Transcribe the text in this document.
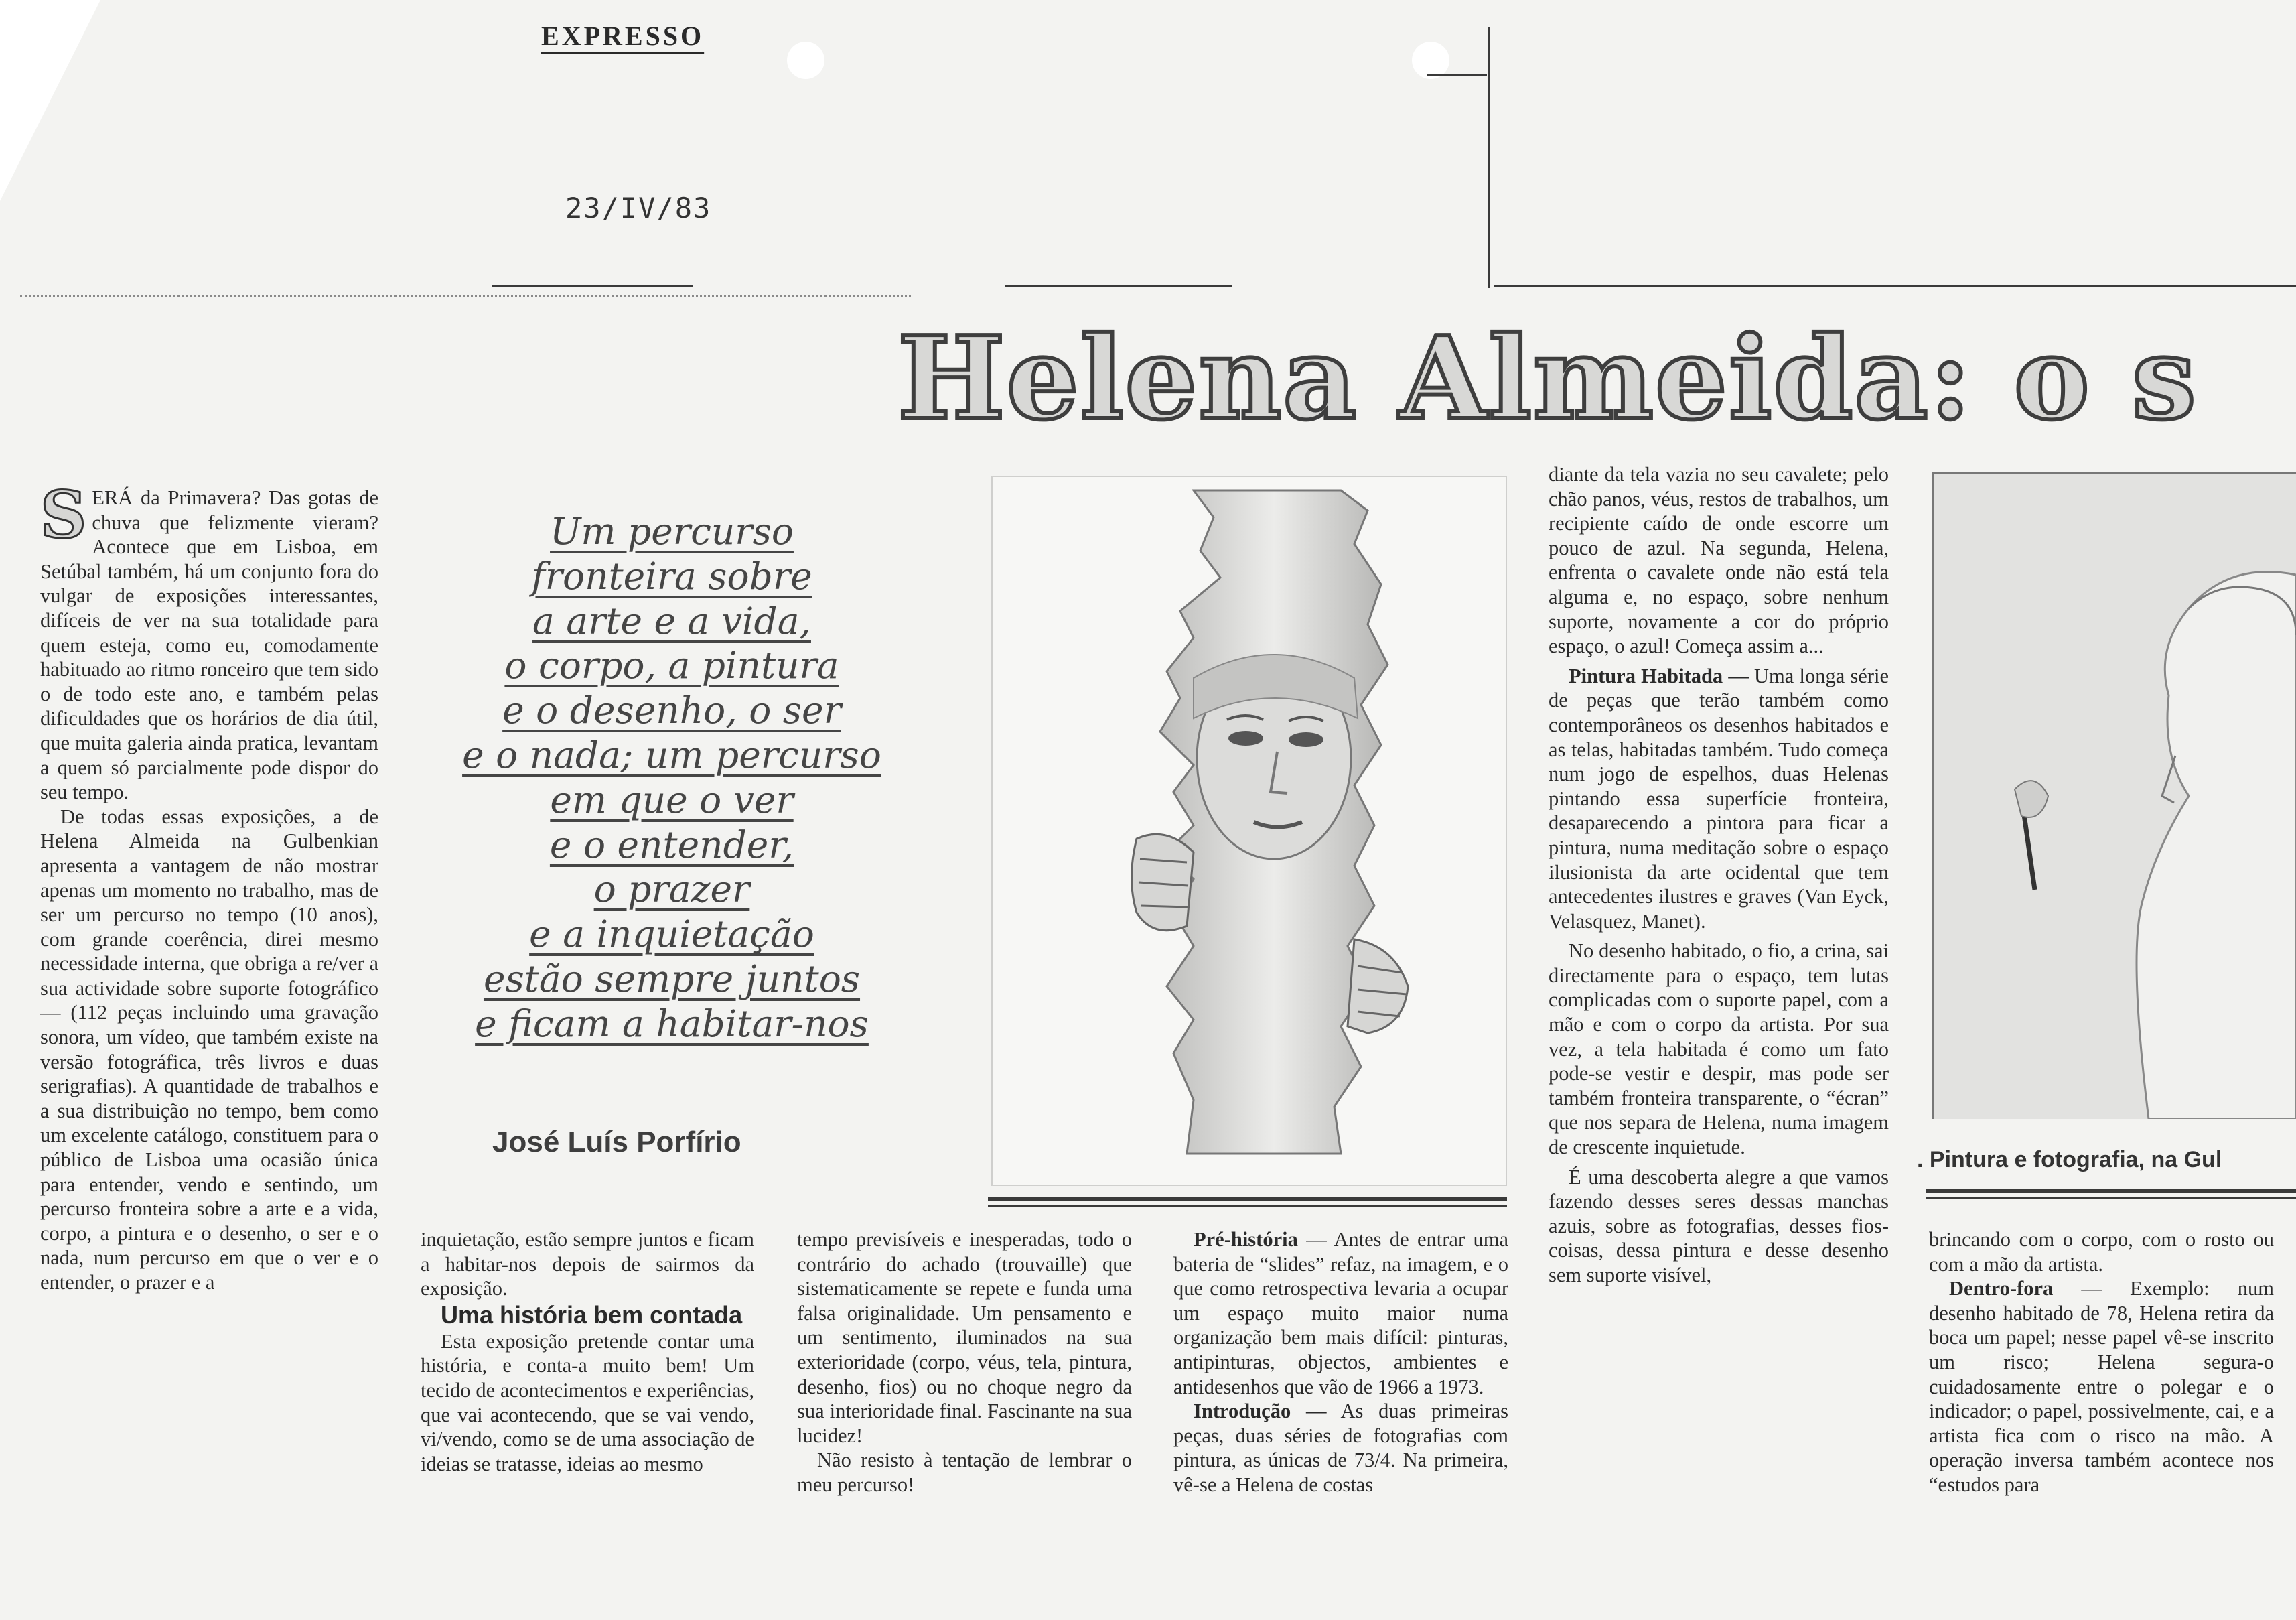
EXPRESSO
23/IV/83
Helena Almeida: o s

SERÁ da Primavera? Das gotas de chuva que felizmente vieram? Acontece que em Lisboa, em Setúbal também, há um conjunto fora do vulgar de exposições interessantes, difíceis de ver na sua totalidade para quem esteja, como eu, comodamente habituado ao ritmo ronceiro que tem sido o de todo este ano, e também pelas dificuldades que os horários de dia útil, que muita galeria ainda pratica, levantam a quem só parcialmente pode dispor do seu tempo.

De todas essas exposições, a de Helena Almeida na Gulbenkian apresenta a vantagem de não mostrar apenas um momento no trabalho, mas de ser um percurso no tempo (10 anos), com grande coerência, direi mesmo necessidade interna, que obriga a re/ver a sua actividade sobre suporte fotográfico — (112 peças incluindo uma gravação sonora, um vídeo, que também existe na versão fotográfica, três livros e duas serigrafias). A quantidade de trabalhos e a sua distribuição no tempo, bem como um excelente catálogo, constituem para o público de Lisboa uma ocasião única para entender, vendo e sentindo, um percurso fronteira sobre a arte e a vida, corpo, a pintura e o desenho, o ser e o nada, num percurso em que o ver e o entender, o prazer e a

Um percurso
fronteira sobre
a arte e a vida,
o corpo, a pintura
e o desenho, o ser
e o nada; um percurso
em que o ver
e o entender,
o prazer
e a inquietação
estão sempre juntos
e ficam a habitar-nos
José Luís Porfírio

inquietação, estão sempre juntos e ficam a habitar-nos depois de sairmos da exposição.

Uma história bem contada

Esta exposição pretende contar uma história, e conta-a muito bem! Um tecido de acontecimentos e experiências, que vai acontecendo, que se vai vendo, vi/vendo, como se de uma associação de ideias se tratasse, ideias ao mesmo

tempo previsíveis e inesperadas, todo o contrário do achado (trouvaille) que sistematicamente se repete e funda uma falsa originalidade. Um pensamento e um sentimento, iluminados na sua exterioridade (corpo, véus, tela, pintura, desenho, fios) ou no choque negro da sua interioridade final. Fascinante na sua lucidez!

Não resisto à tentação de lembrar o meu percurso!

Pré-história — Antes de entrar uma bateria de “slides” refaz, na imagem, e o que como retrospectiva levaria a ocupar um espaço muito maior numa organização bem mais difícil: pinturas, antipinturas, objectos, ambientes e antidesenhos que vão de 1966 a 1973.

Introdução — As duas primeiras peças, duas séries de fotografias com pintura, as únicas de 73/4. Na primeira, vê-se a Helena de costas

diante da tela vazia no seu cavalete; pelo chão panos, véus, restos de trabalhos, um recipiente caído de onde escorre um pouco de azul. Na segunda, Helena, enfrenta o cavalete onde não está tela alguma e, no espaço, sobre nenhum suporte, novamente a cor do próprio espaço, o azul! Começa assim a...

Pintura Habitada — Uma longa série de peças que terão também como contemporâneos os desenhos habitados e as telas, habitadas também. Tudo começa num jogo de espelhos, duas Helenas pintando essa superfície fronteira, desaparecendo a pintora para ficar a pintura, numa meditação sobre o espaço ilusionista da arte ocidental que tem antecedentes ilustres e graves (Van Eyck, Velasquez, Manet).

No desenho habitado, o fio, a crina, sai directamente para o espaço, tem lutas complicadas com o suporte papel, com a mão e com o corpo da artista. Por sua vez, a tela habitada é como um fato pode-se vestir e despir, mas pode ser também fronteira transparente, o “écran” que nos separa de Helena, numa imagem de crescente inquietude.

É uma descoberta alegre a que vamos fazendo desses seres dessas manchas azuis, sobre as fotografias, desses fios-coisas, dessa pintura e desse desenho sem suporte visível,

. Pintura e fotografia, na Gul

brincando com o corpo, com o rosto ou com a mão da artista.

Dentro-fora — Exemplo: num desenho habitado de 78, Helena retira da boca um papel; nesse papel vê-se inscrito um risco; Helena segura-o cuidadosamente entre o polegar e o indicador; o papel, possivelmente, cai, e a artista fica com o risco na mão. A operação inversa também acontece nos “estudos para
